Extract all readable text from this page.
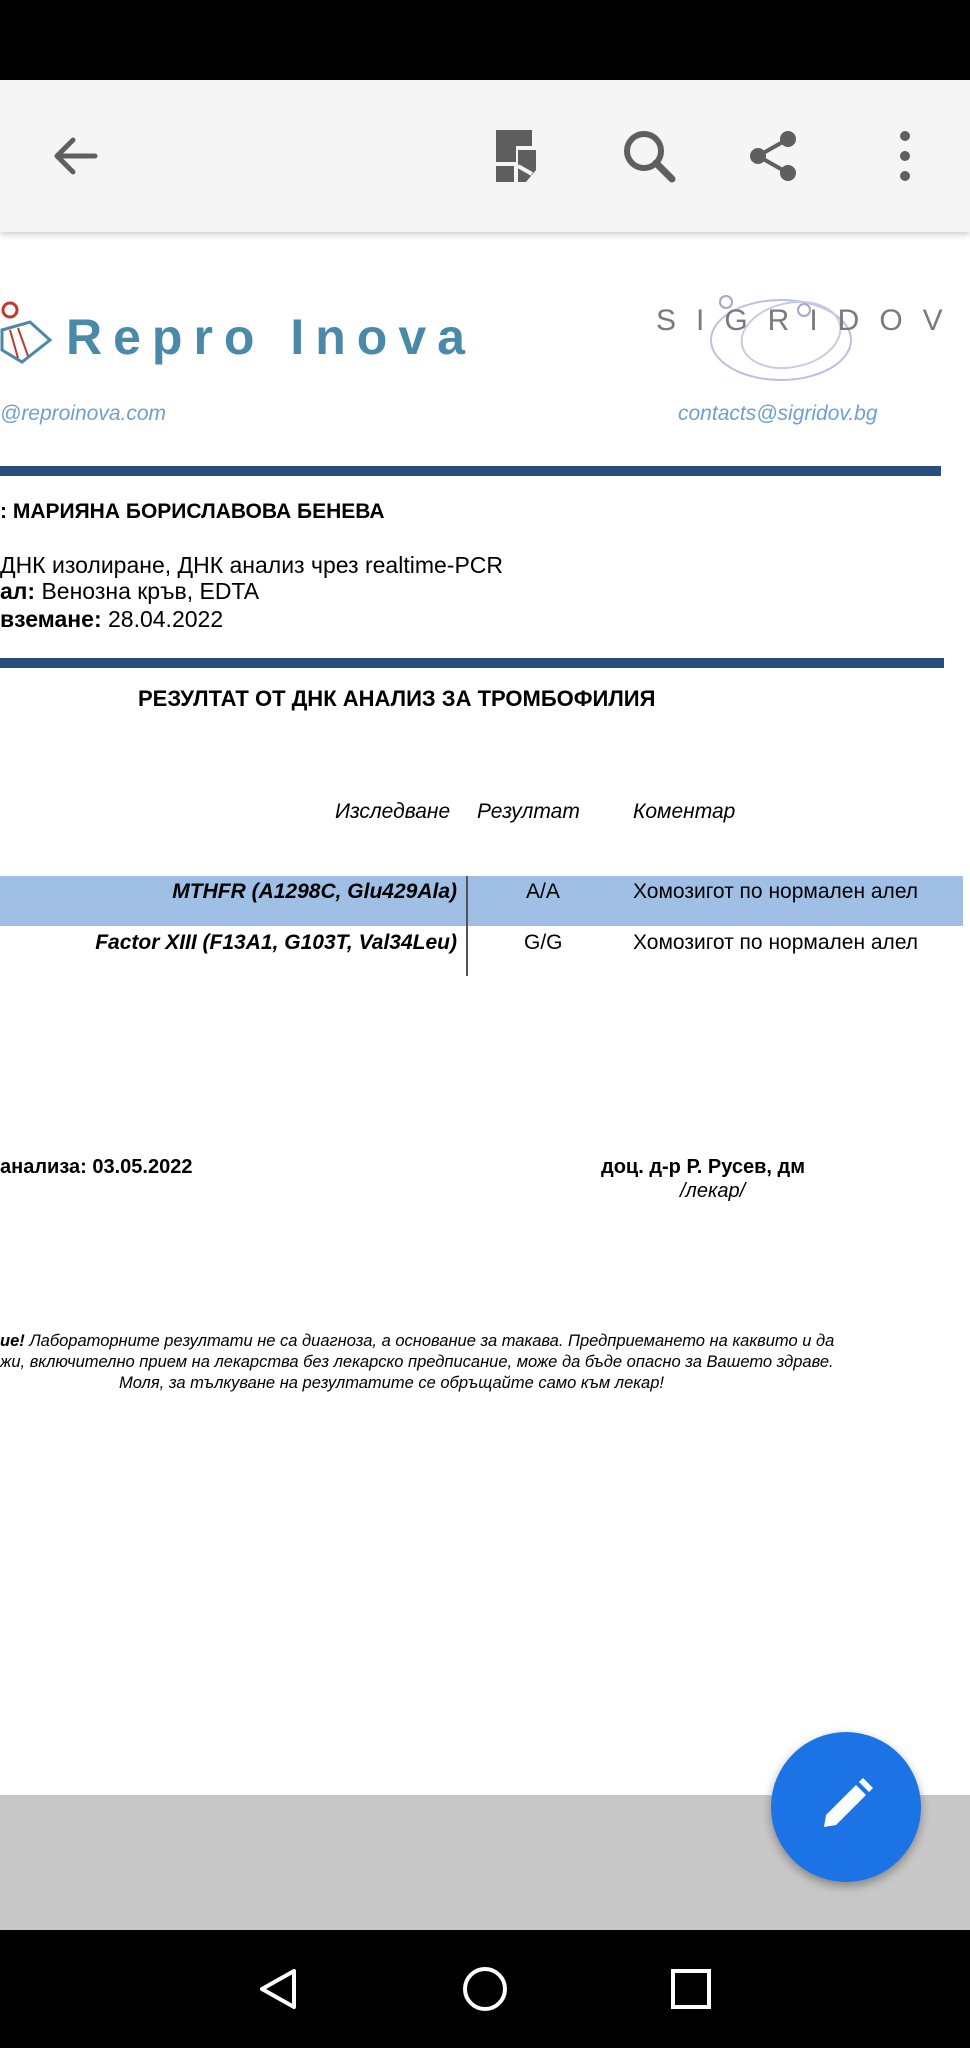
Repro Inova	SIGRIDOV
@reproinova.com	contacts@sigridov.bg
: МАРИЯНА БОРИСЛАВОВА БЕНЕВА
ДНК изолиране, ДНК анализ чрез realtime-PCR
ал: Венозна кръв, EDTA
вземане: 28.04.2022
РЕЗУЛТАТ ОТ ДНК АНАЛИЗ ЗА ТРОМБОФИЛИЯ
Изследване Резултат	Коментар
MTHFR (A1298C, Glu429Ala)	A/A	Хомозигот по нормален алел
Factor XIII (F13A1, G103T, Val34Leu)	G/G	Хомозигот по нормален алел
анализа: 03.05.2022	доц. д-р Р. Русев, дм
/лекар/
ие! Лабораторните резултати не са диагноза, а основание за такава. Предприемането на каквито и да
жи, включително прием на лекарства без лекарско предписание, може да бъде опасно за Вашето здраве.
Моля, за тълкуване на резултатите се обръщайте само към лекар!
